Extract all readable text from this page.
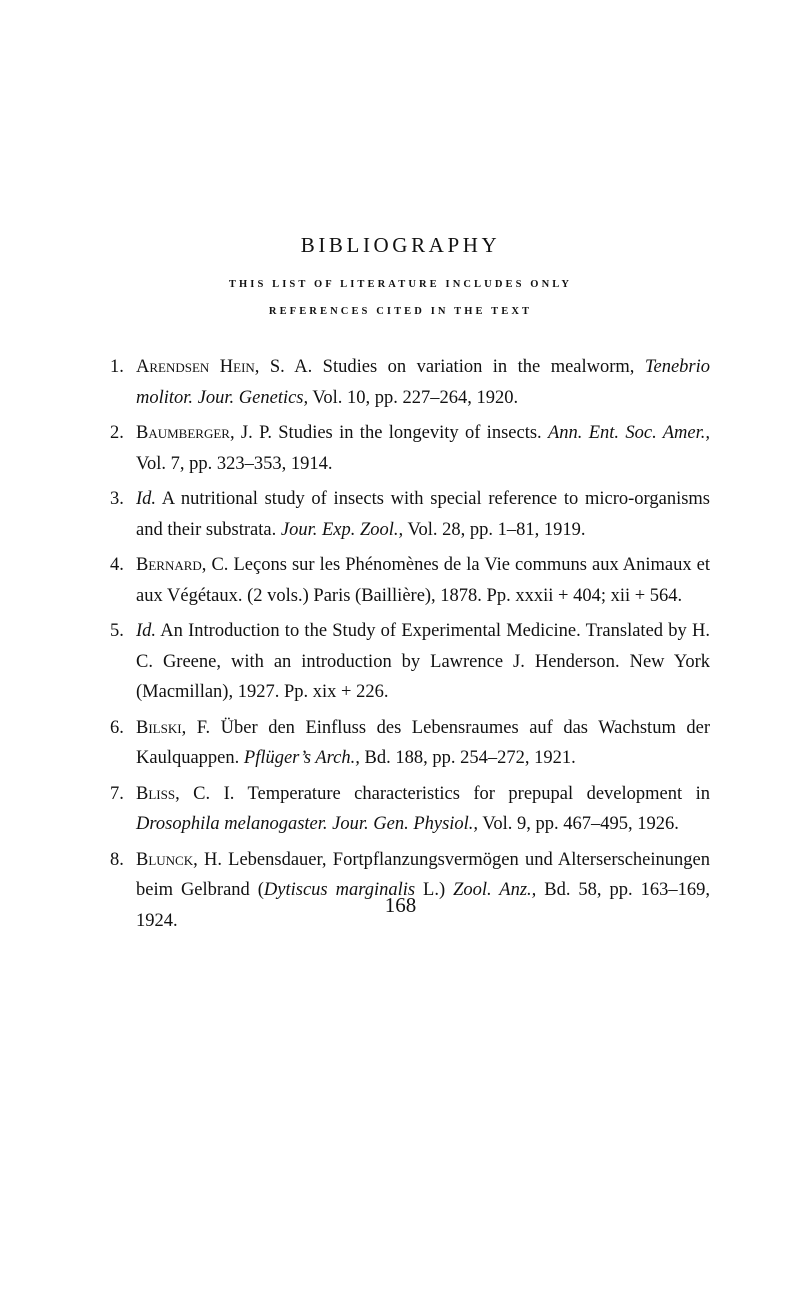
BIBLIOGRAPHY
THIS LIST OF LITERATURE INCLUDES ONLY
REFERENCES CITED IN THE TEXT
1. Arendsen Hein, S. A. Studies on variation in the mealworm, Tenebrio molitor. Jour. Genetics, Vol. 10, pp. 227–264, 1920.
2. Baumberger, J. P. Studies in the longevity of insects. Ann. Ent. Soc. Amer., Vol. 7, pp. 323–353, 1914.
3. Id. A nutritional study of insects with special reference to micro-organisms and their substrata. Jour. Exp. Zool., Vol. 28, pp. 1–81, 1919.
4. Bernard, C. Leçons sur les Phénomènes de la Vie communs aux Animaux et aux Végétaux. (2 vols.) Paris (Baillière), 1878. Pp. xxxii + 404; xii + 564.
5. Id. An Introduction to the Study of Experimental Medicine. Translated by H. C. Greene, with an introduction by Lawrence J. Henderson. New York (Macmillan), 1927. Pp. xix + 226.
6. Bilski, F. Über den Einfluss des Lebensraumes auf das Wachstum der Kaulquappen. Pflüger’s Arch., Bd. 188, pp. 254–272, 1921.
7. Bliss, C. I. Temperature characteristics for prepupal development in Drosophila melanogaster. Jour. Gen. Physiol., Vol. 9, pp. 467–495, 1926.
8. Blunck, H. Lebensdauer, Fortpflanzungsvermögen und Alterserscheinungen beim Gelbrand (Dytiscus marginalis L.) Zool. Anz., Bd. 58, pp. 163–169, 1924.
168
